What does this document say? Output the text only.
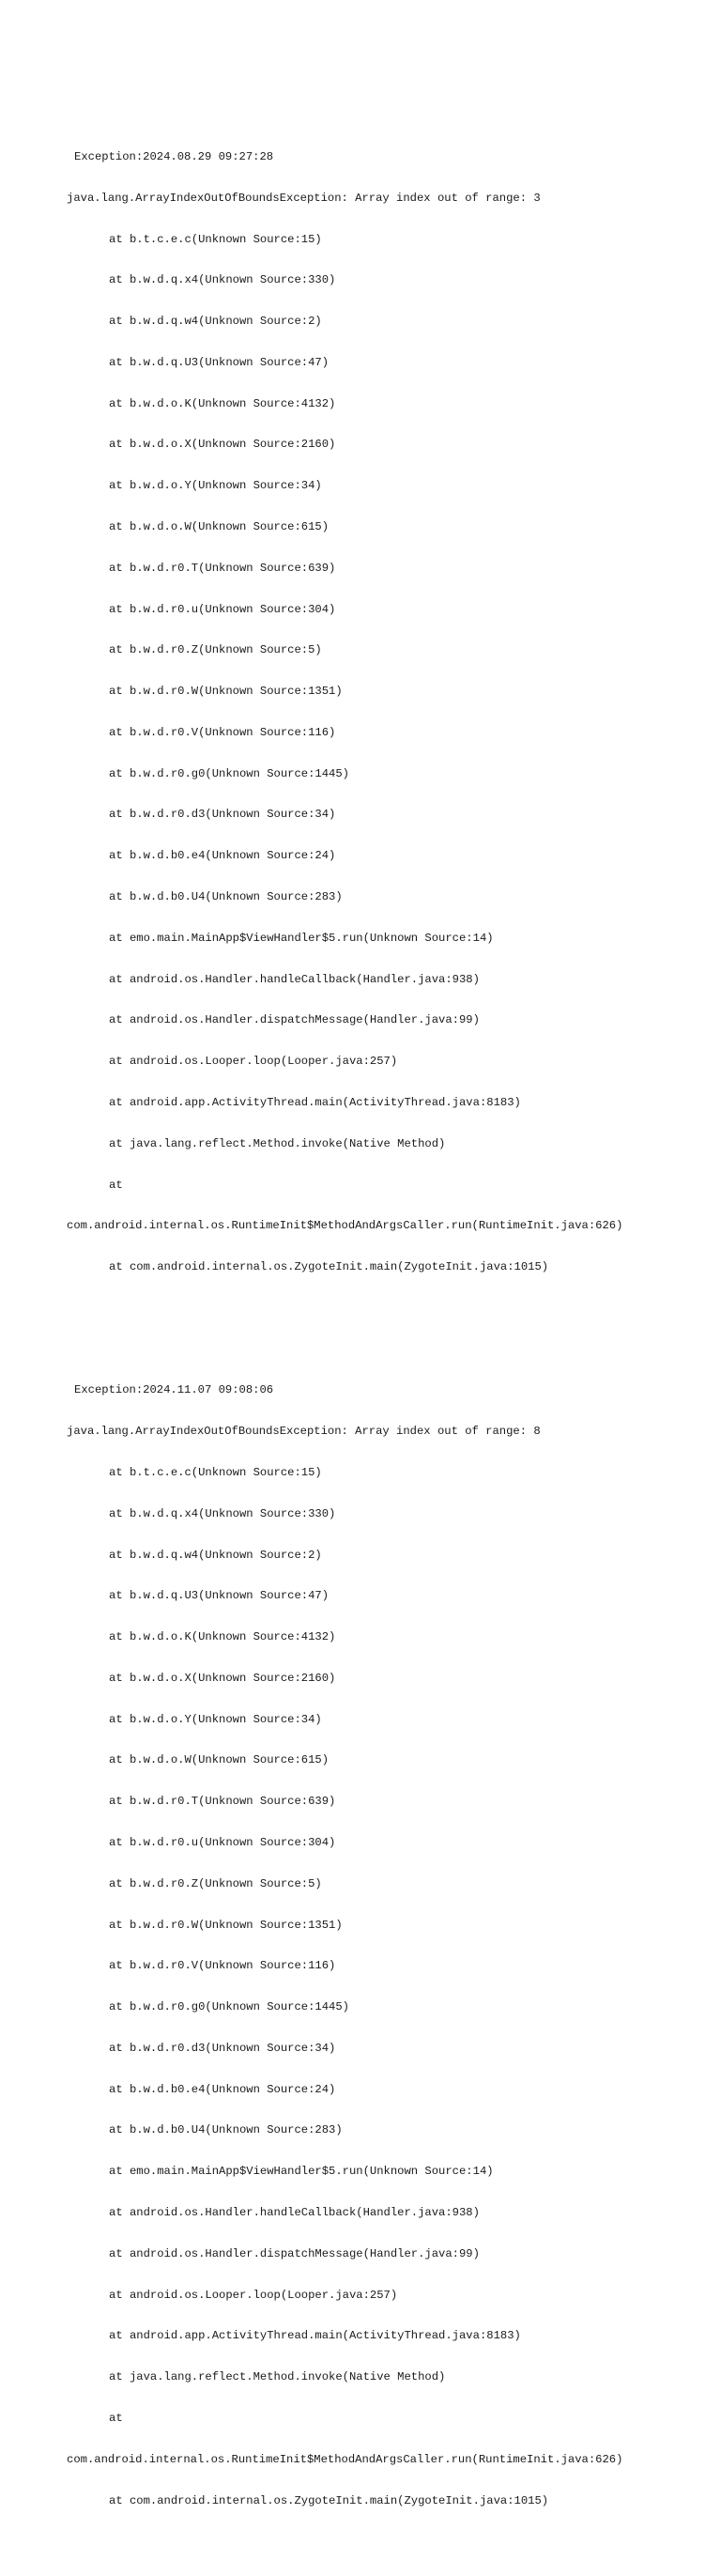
Exception:2024.08.29 09:27:28

java.lang.ArrayIndexOutOfBoundsException: Array index out of range: 3

at b.t.c.e.c(Unknown Source:15)

at b.w.d.q.x4(Unknown Source:330)

at b.w.d.q.w4(Unknown Source:2)

at b.w.d.q.U3(Unknown Source:47)

at b.w.d.o.K(Unknown Source:4132)

at b.w.d.o.X(Unknown Source:2160)

at b.w.d.o.Y(Unknown Source:34)

at b.w.d.o.W(Unknown Source:615)

at b.w.d.r0.T(Unknown Source:639)

at b.w.d.r0.u(Unknown Source:304)

at b.w.d.r0.Z(Unknown Source:5)

at b.w.d.r0.W(Unknown Source:1351)

at b.w.d.r0.V(Unknown Source:116)

at b.w.d.r0.g0(Unknown Source:1445)

at b.w.d.r0.d3(Unknown Source:34)

at b.w.d.b0.e4(Unknown Source:24)

at b.w.d.b0.U4(Unknown Source:283)

at emo.main.MainApp$ViewHandler$5.run(Unknown Source:14)

at android.os.Handler.handleCallback(Handler.java:938)

at android.os.Handler.dispatchMessage(Handler.java:99)

at android.os.Looper.loop(Looper.java:257)

at android.app.ActivityThread.main(ActivityThread.java:8183)

at java.lang.reflect.Method.invoke(Native Method)

at

com.android.internal.os.RuntimeInit$MethodAndArgsCaller.run(RuntimeInit.java:626)

at com.android.internal.os.ZygoteInit.main(ZygoteInit.java:1015)

Exception:2024.11.07 09:08:06

java.lang.ArrayIndexOutOfBoundsException: Array index out of range: 8

at b.t.c.e.c(Unknown Source:15)

at b.w.d.q.x4(Unknown Source:330)

at b.w.d.q.w4(Unknown Source:2)

at b.w.d.q.U3(Unknown Source:47)

at b.w.d.o.K(Unknown Source:4132)

at b.w.d.o.X(Unknown Source:2160)

at b.w.d.o.Y(Unknown Source:34)

at b.w.d.o.W(Unknown Source:615)

at b.w.d.r0.T(Unknown Source:639)

at b.w.d.r0.u(Unknown Source:304)

at b.w.d.r0.Z(Unknown Source:5)

at b.w.d.r0.W(Unknown Source:1351)

at b.w.d.r0.V(Unknown Source:116)

at b.w.d.r0.g0(Unknown Source:1445)

at b.w.d.r0.d3(Unknown Source:34)

at b.w.d.b0.e4(Unknown Source:24)

at b.w.d.b0.U4(Unknown Source:283)

at emo.main.MainApp$ViewHandler$5.run(Unknown Source:14)

at android.os.Handler.handleCallback(Handler.java:938)

at android.os.Handler.dispatchMessage(Handler.java:99)

at android.os.Looper.loop(Looper.java:257)

at android.app.ActivityThread.main(ActivityThread.java:8183)

at java.lang.reflect.Method.invoke(Native Method)

at

com.android.internal.os.RuntimeInit$MethodAndArgsCaller.run(RuntimeInit.java:626)

at com.android.internal.os.ZygoteInit.main(ZygoteInit.java:1015)
